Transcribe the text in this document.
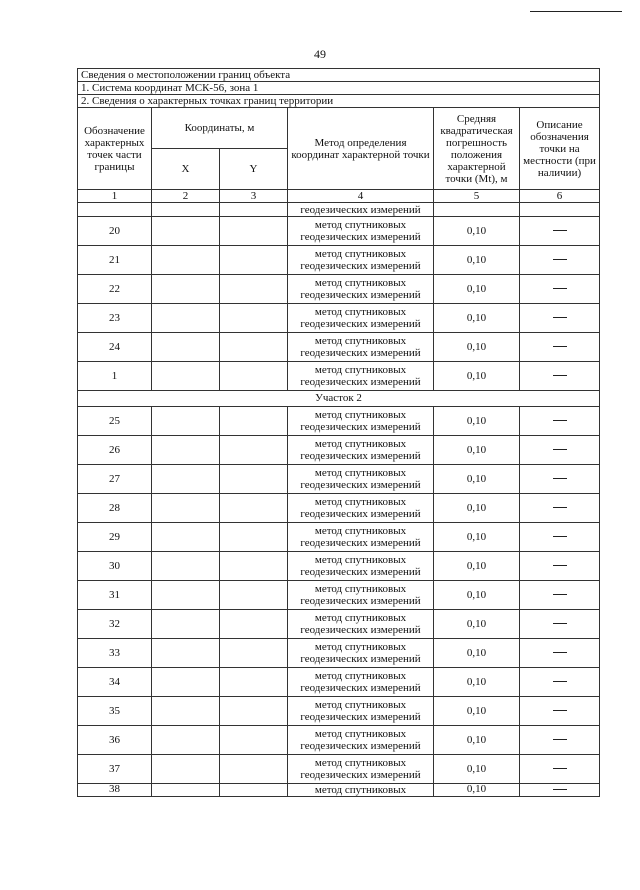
49
Сведения о местоположении границ объекта					
1. Система координат МСК-56, зона 1					
2. Сведения о характерных точках границ территории					
Обозначение характерных точек части границы	Координаты, м		Метод определения координат характерной точки	Средняя квадратическая погрешность положения характерной точки (Mt), м	Описание обозначения точки на местности (при наличии)
	X	Y			
1	2	3	4	5	6
			геодезических измерений		
20			метод спутниковых геодезических измерений	0,10	
21			метод спутниковых геодезических измерений	0,10	
22			метод спутниковых геодезических измерений	0,10	
23			метод спутниковых геодезических измерений	0,10	
24			метод спутниковых геодезических измерений	0,10	
1			метод спутниковых геодезических измерений	0,10	
Участок 2					
25			метод спутниковых геодезических измерений	0,10	
26			метод спутниковых геодезических измерений	0,10	
27			метод спутниковых геодезических измерений	0,10	
28			метод спутниковых геодезических измерений	0,10	
29			метод спутниковых геодезических измерений	0,10	
30			метод спутниковых геодезических измерений	0,10	
31			метод спутниковых геодезических измерений	0,10	
32			метод спутниковых геодезических измерений	0,10	
33			метод спутниковых геодезических измерений	0,10	
34			метод спутниковых геодезических измерений	0,10	
35			метод спутниковых геодезических измерений	0,10	
36			метод спутниковых геодезических измерений	0,10	
37			метод спутниковых геодезических измерений	0,10	
38			метод спутниковых	0,10	
